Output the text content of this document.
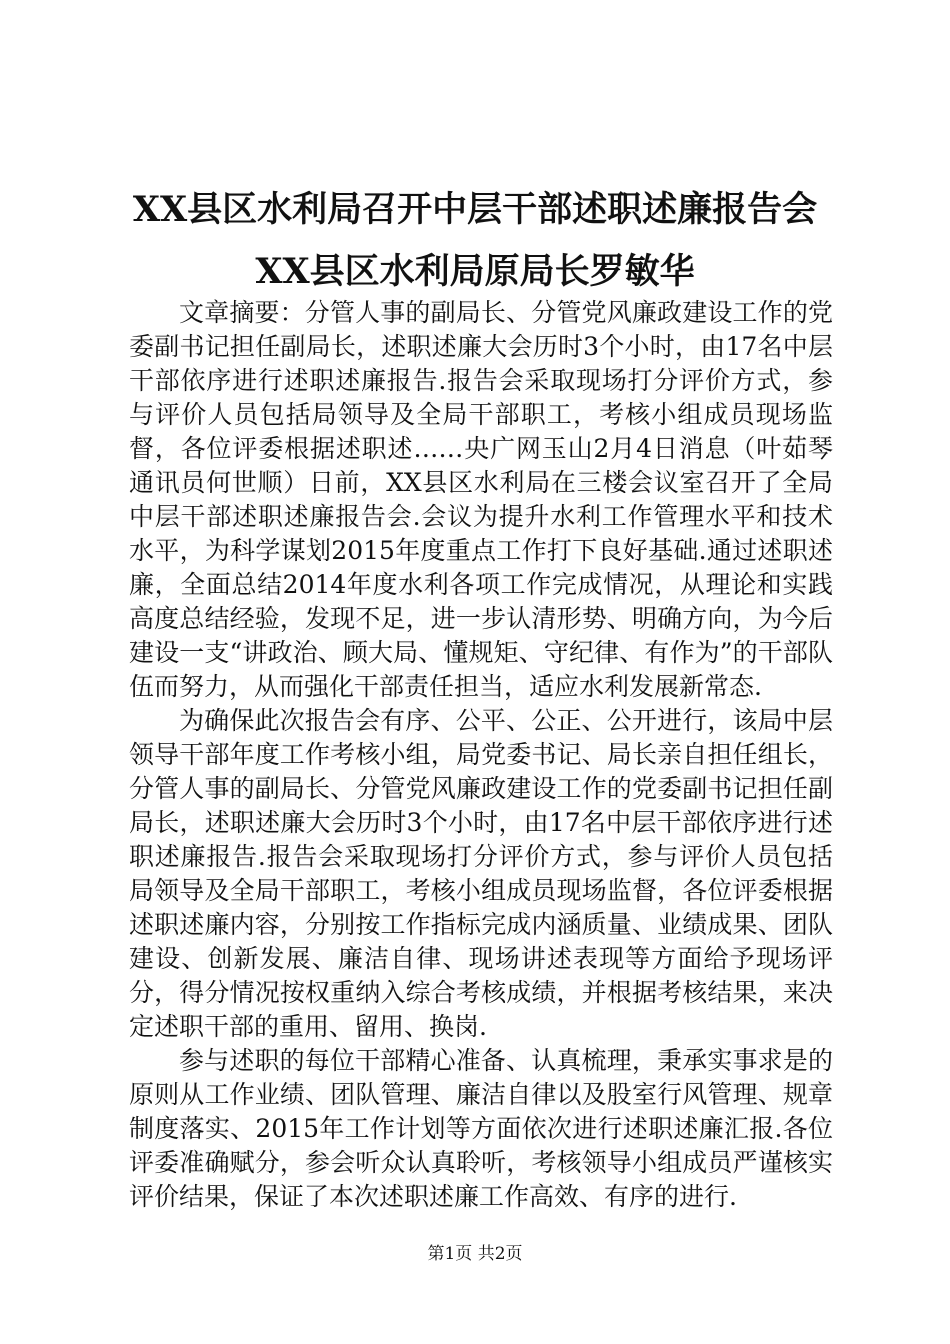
XX县区水利局召开中层干部述职述廉报告会
XX县区水利局原局长罗敏华

文章摘要：分管人事的副局长、分管党风廉政建设工作的党委副书记担任副局长，述职述廉大会历时3个小时，由17名中层干部依序进行述职述廉报告.报告会采取现场打分评价方式，参与评价人员包括局领导及全局干部职工，考核小组成员现场监督，各位评委根据述职述……央广网玉山2月4日消息（叶茹琴通讯员何世顺）日前，XX县区水利局在三楼会议室召开了全局中层干部述职述廉报告会.会议为提升水利工作管理水平和技术水平，为科学谋划2015年度重点工作打下良好基础.通过述职述廉，全面总结2014年度水利各项工作完成情况，从理论和实践高度总结经验，发现不足，进一步认清形势、明确方向，为今后建设一支“讲政治、顾大局、懂规矩、守纪律、有作为”的干部队伍而努力，从而强化干部责任担当，适应水利发展新常态.

为确保此次报告会有序、公平、公正、公开进行，该局中层领导干部年度工作考核小组，局党委书记、局长亲自担任组长，分管人事的副局长、分管党风廉政建设工作的党委副书记担任副局长，述职述廉大会历时3个小时，由17名中层干部依序进行述职述廉报告.报告会采取现场打分评价方式，参与评价人员包括局领导及全局干部职工，考核小组成员现场监督，各位评委根据述职述廉内容，分别按工作指标完成内涵质量、业绩成果、团队建设、创新发展、廉洁自律、现场讲述表现等方面给予现场评分，得分情况按权重纳入综合考核成绩，并根据考核结果，来决定述职干部的重用、留用、换岗.

参与述职的每位干部精心准备、认真梳理，秉承实事求是的原则从工作业绩、团队管理、廉洁自律以及股室行风管理、规章制度落实、2015年工作计划等方面依次进行述职述廉汇报.各位评委准确赋分，参会听众认真聆听，考核领导小组成员严谨核实评价结果，保证了本次述职述廉工作高效、有序的进行.

第1页 共2页
